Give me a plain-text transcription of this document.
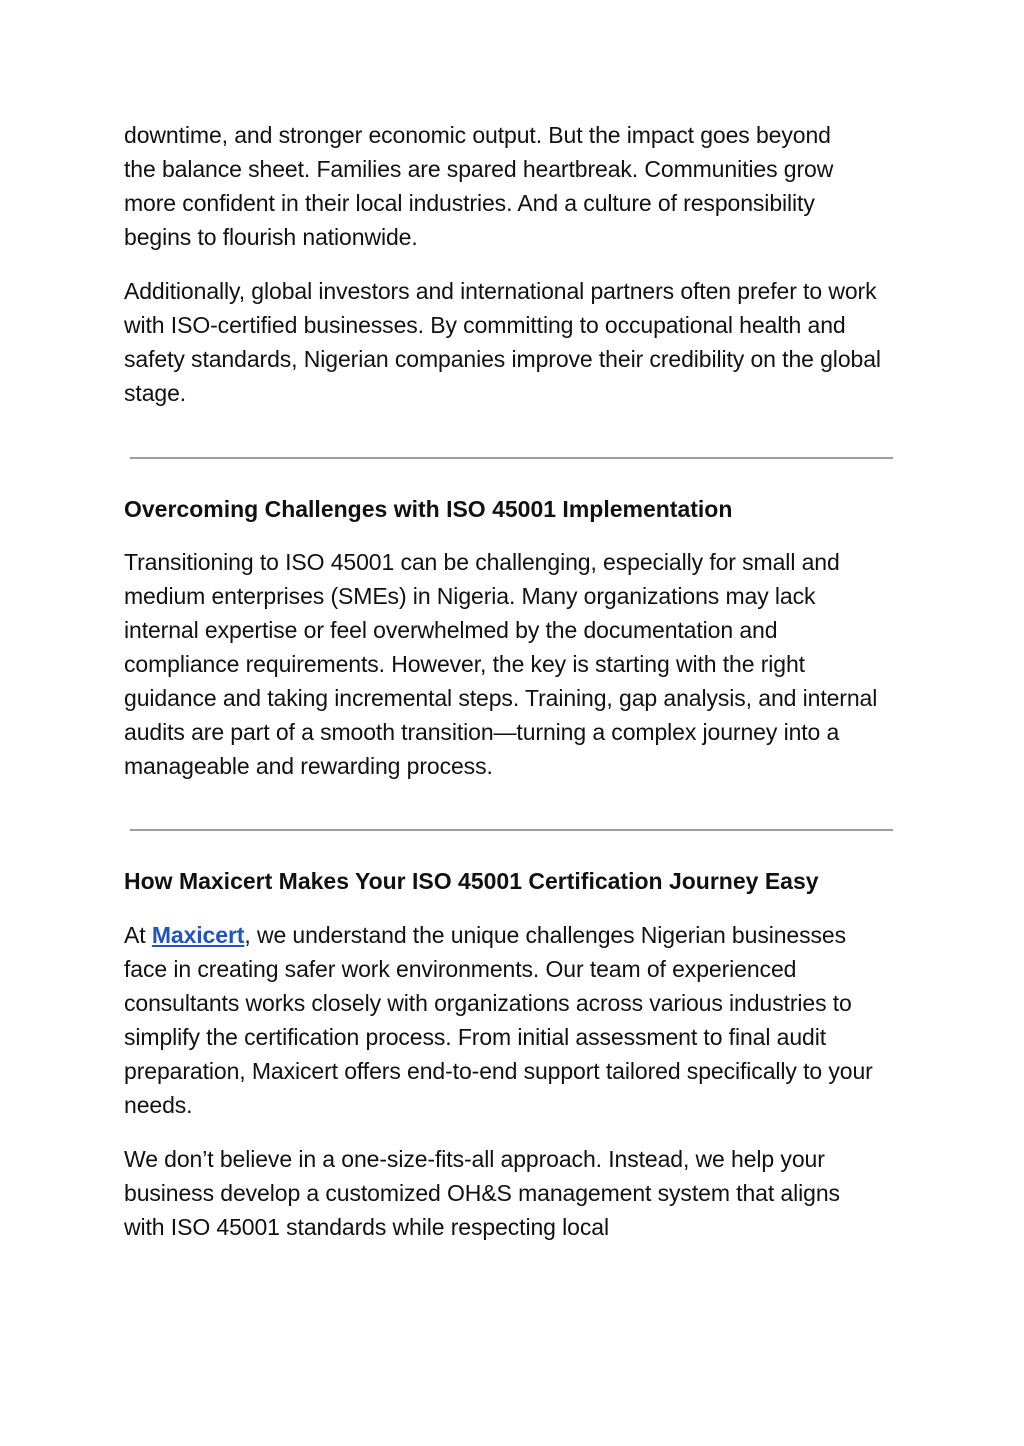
downtime, and stronger economic output. But the impact goes beyond the balance sheet. Families are spared heartbreak. Communities grow more confident in their local industries. And a culture of responsibility begins to flourish nationwide.

Additionally, global investors and international partners often prefer to work with ISO-certified businesses. By committing to occupational health and safety standards, Nigerian companies improve their credibility on the global stage.

Overcoming Challenges with ISO 45001 Implementation

Transitioning to ISO 45001 can be challenging, especially for small and medium enterprises (SMEs) in Nigeria. Many organizations may lack internal expertise or feel overwhelmed by the documentation and compliance requirements. However, the key is starting with the right guidance and taking incremental steps. Training, gap analysis, and internal audits are part of a smooth transition—turning a complex journey into a manageable and rewarding process.

How Maxicert Makes Your ISO 45001 Certification Journey Easy

At Maxicert, we understand the unique challenges Nigerian businesses face in creating safer work environments. Our team of experienced consultants works closely with organizations across various industries to simplify the certification process. From initial assessment to final audit preparation, Maxicert offers end-to-end support tailored specifically to your needs.

We don’t believe in a one-size-fits-all approach. Instead, we help your business develop a customized OH&S management system that aligns with ISO 45001 standards while respecting local
